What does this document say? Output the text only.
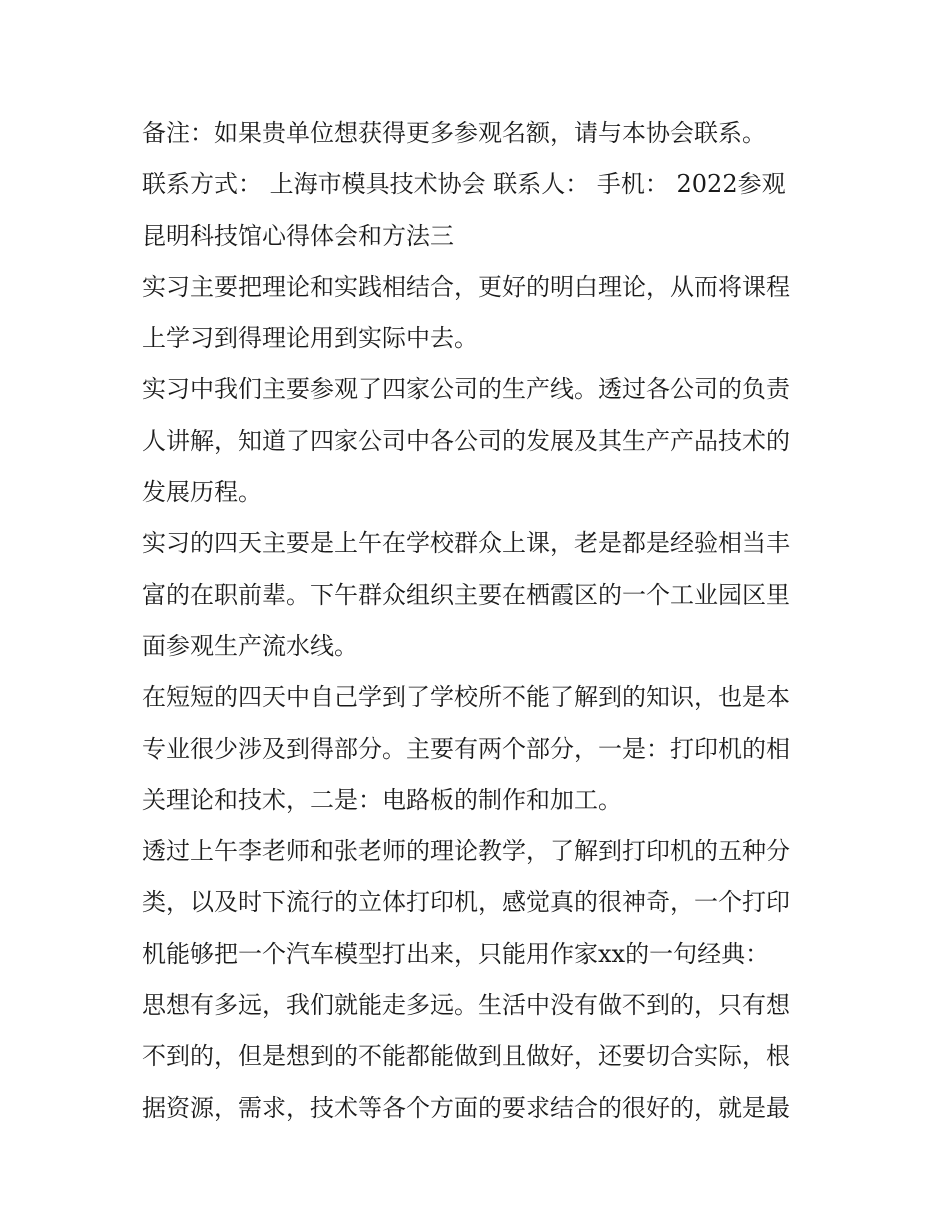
备注：如果贵单位想获得更多参观名额，请与本协会联系。
联系方式： 上海市模具技术协会 联系人： 手机： 2022参观
昆明科技馆心得体会和方法三
实习主要把理论和实践相结合，更好的明白理论，从而将课程
上学习到得理论用到实际中去。
实习中我们主要参观了四家公司的生产线。透过各公司的负责
人讲解，知道了四家公司中各公司的发展及其生产产品技术的
发展历程。
实习的四天主要是上午在学校群众上课，老是都是经验相当丰
富的在职前辈。下午群众组织主要在栖霞区的一个工业园区里
面参观生产流水线。
在短短的四天中自己学到了学校所不能了解到的知识，也是本
专业很少涉及到得部分。主要有两个部分，一是：打印机的相
关理论和技术，二是：电路板的制作和加工。
透过上午李老师和张老师的理论教学，了解到打印机的五种分
类，以及时下流行的立体打印机，感觉真的很神奇，一个打印
机能够把一个汽车模型打出来，只能用作家xx的一句经典：
思想有多远，我们就能走多远。生活中没有做不到的，只有想
不到的，但是想到的不能都能做到且做好，还要切合实际，根
据资源，需求，技术等各个方面的要求结合的很好的，就是最
